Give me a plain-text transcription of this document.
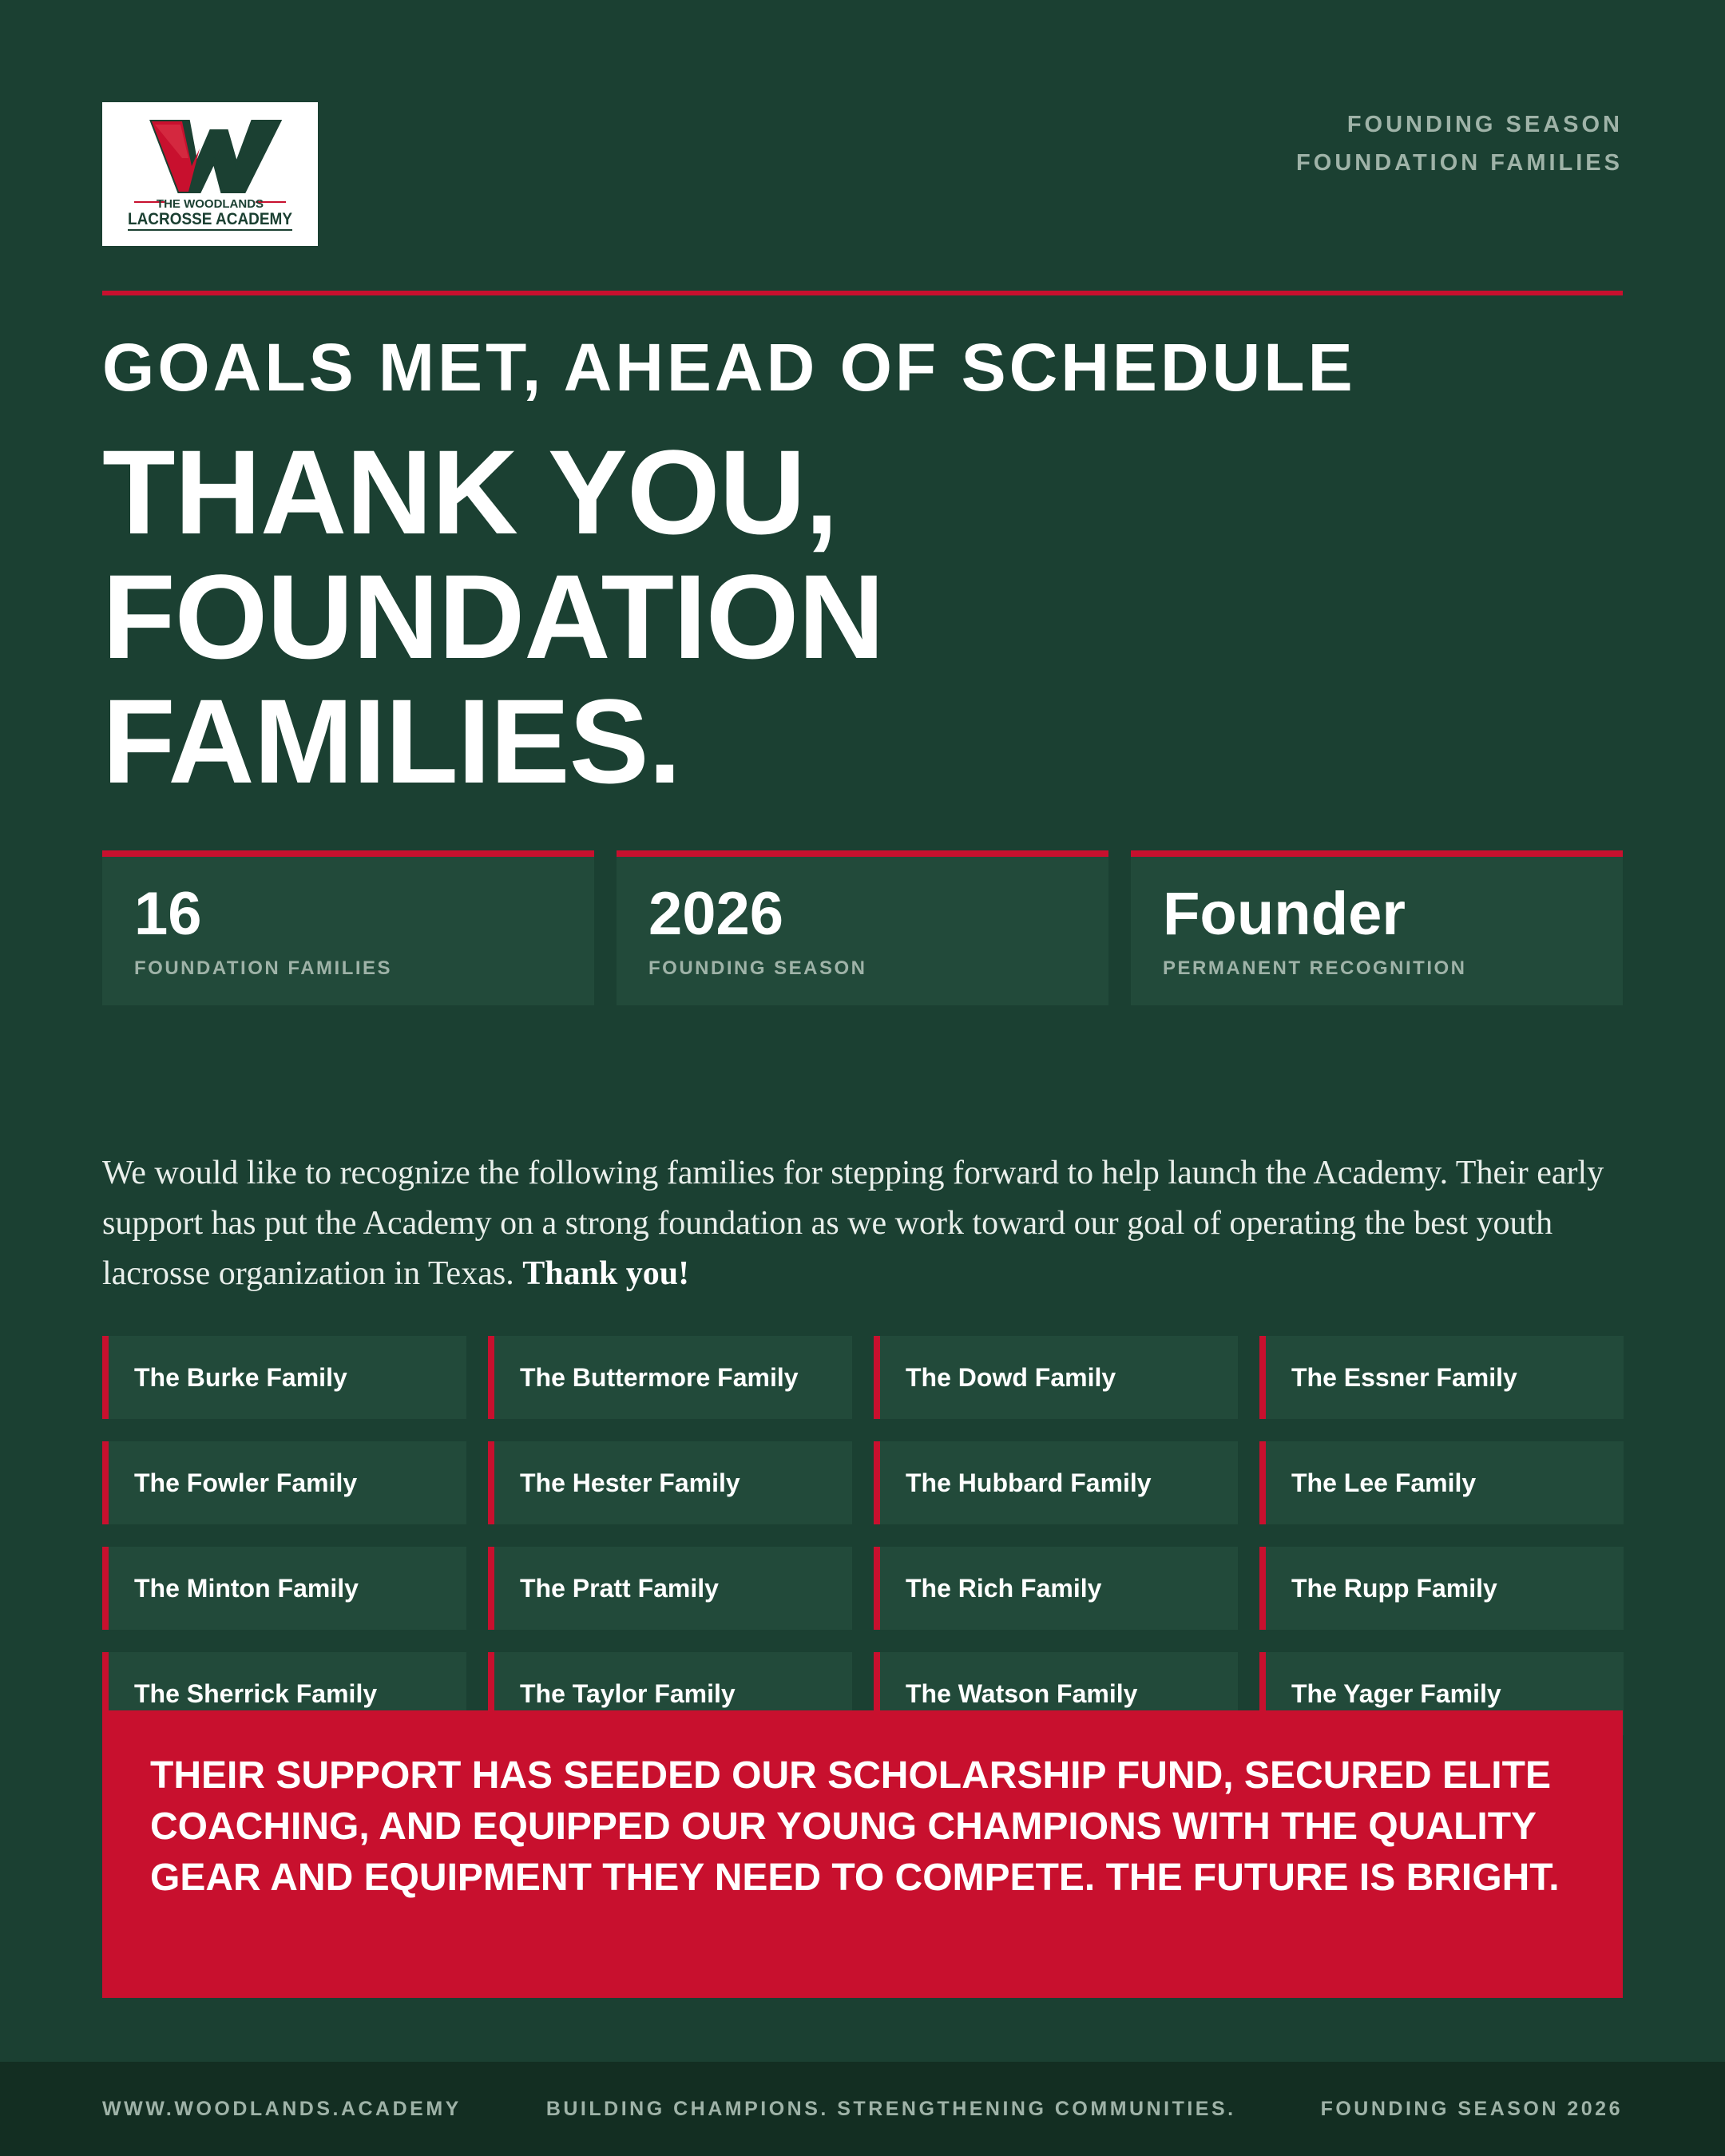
THE WOODLANDS
LACROSSE ACADEMY
FOUNDING SEASON
FOUNDATION FAMILIES
GOALS MET, AHEAD OF SCHEDULE
THANK YOU,
FOUNDATION
FAMILIES.
16
FOUNDATION FAMILIES
2026
FOUNDING SEASON
Founder
PERMANENT RECOGNITION
We would like to recognize the following families for stepping forward to help launch the Academy. Their early support has put the Academy on a strong foundation as we work toward our goal of operating the best youth lacrosse organization in Texas. Thank you!
The Burke Family	The Buttermore Family	The Dowd Family	The Essner Family
The Fowler Family	The Hester Family	The Hubbard Family	The Lee Family
The Minton Family	The Pratt Family	The Rich Family	The Rupp Family
The Sherrick Family	The Taylor Family	The Watson Family	The Yager Family
THEIR SUPPORT HAS SEEDED OUR SCHOLARSHIP FUND, SECURED ELITE COACHING, AND EQUIPPED OUR YOUNG CHAMPIONS WITH THE QUALITY GEAR AND EQUIPMENT THEY NEED TO COMPETE. THE FUTURE IS BRIGHT.
WWW.WOODLANDS.ACADEMY	BUILDING CHAMPIONS. STRENGTHENING COMMUNITIES.	FOUNDING SEASON 2026
